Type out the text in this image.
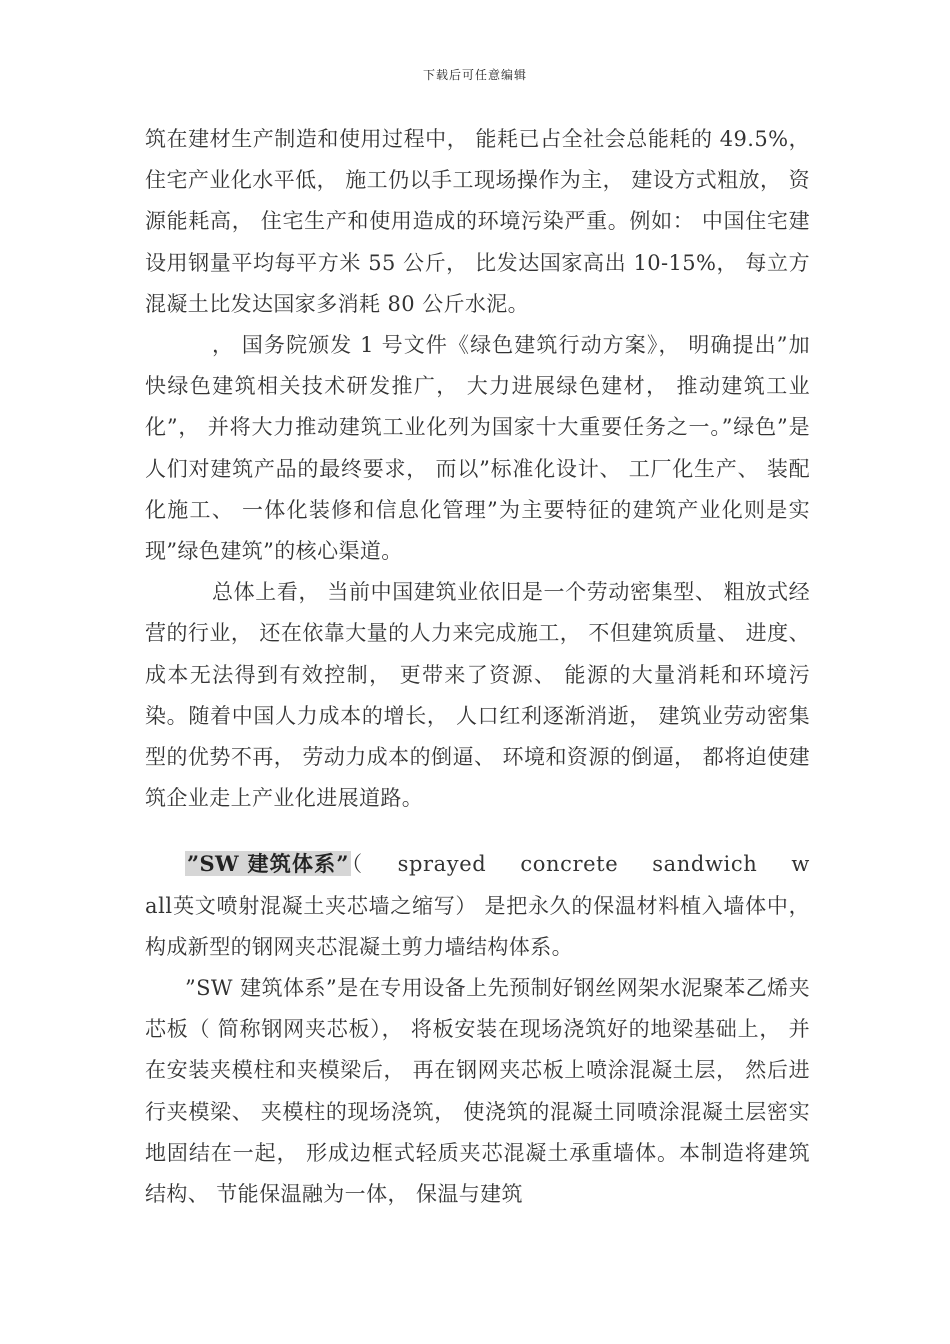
下载后可任意编辑

筑在建材生产制造和使用过程中， 能耗已占全社会总能耗的 49.5%， 住宅产业化水平低， 施工仍以手工现场操作为主， 建设方式粗放， 资源能耗高， 住宅生产和使用造成的环境污染严重。例如： 中国住宅建设用钢量平均每平方米 55 公斤， 比发达国家高出 10-15%， 每立方混凝土比发达国家多消耗 80 公斤水泥。

， 国务院颁发 1 号文件《绿色建筑行动方案》， 明确提出”加快绿色建筑相关技术研发推广， 大力进展绿色建材， 推动建筑工业化”， 并将大力推动建筑工业化列为国家十大重要任务之一。”绿色”是人们对建筑产品的最终要求， 而以”标准化设计、 工厂化生产、 装配化施工、 一体化装修和信息化管理”为主要特征的建筑产业化则是实现”绿色建筑”的核心渠道。

总体上看， 当前中国建筑业依旧是一个劳动密集型、 粗放式经营的行业， 还在依靠大量的人力来完成施工， 不但建筑质量、 进度、 成本无法得到有效控制， 更带来了资源、 能源的大量消耗和环境污染。随着中国人力成本的增长， 人口红利逐渐消逝， 建筑业劳动密集型的优势不再， 劳动力成本的倒逼、 环境和资源的倒逼， 都将迫使建筑企业走上产业化进展道路。

”SW 建筑体系”（ sprayed concrete sandwich wall英文喷射混凝土夹芯墙之缩写） 是把永久的保温材料植入墙体中， 构成新型的钢网夹芯混凝土剪力墙结构体系。

”SW 建筑体系”是在专用设备上先预制好钢丝网架水泥聚苯乙烯夹芯板（ 简称钢网夹芯板）， 将板安装在现场浇筑好的地梁基础上， 并在安装夹模柱和夹模梁后， 再在钢网夹芯板上喷涂混凝土层， 然后进行夹模梁、 夹模柱的现场浇筑， 使浇筑的混凝土同喷涂混凝土层密实地固结在一起， 形成边框式轻质夹芯混凝土承重墙体。本制造将建筑结构、 节能保温融为一体， 保温与建筑
